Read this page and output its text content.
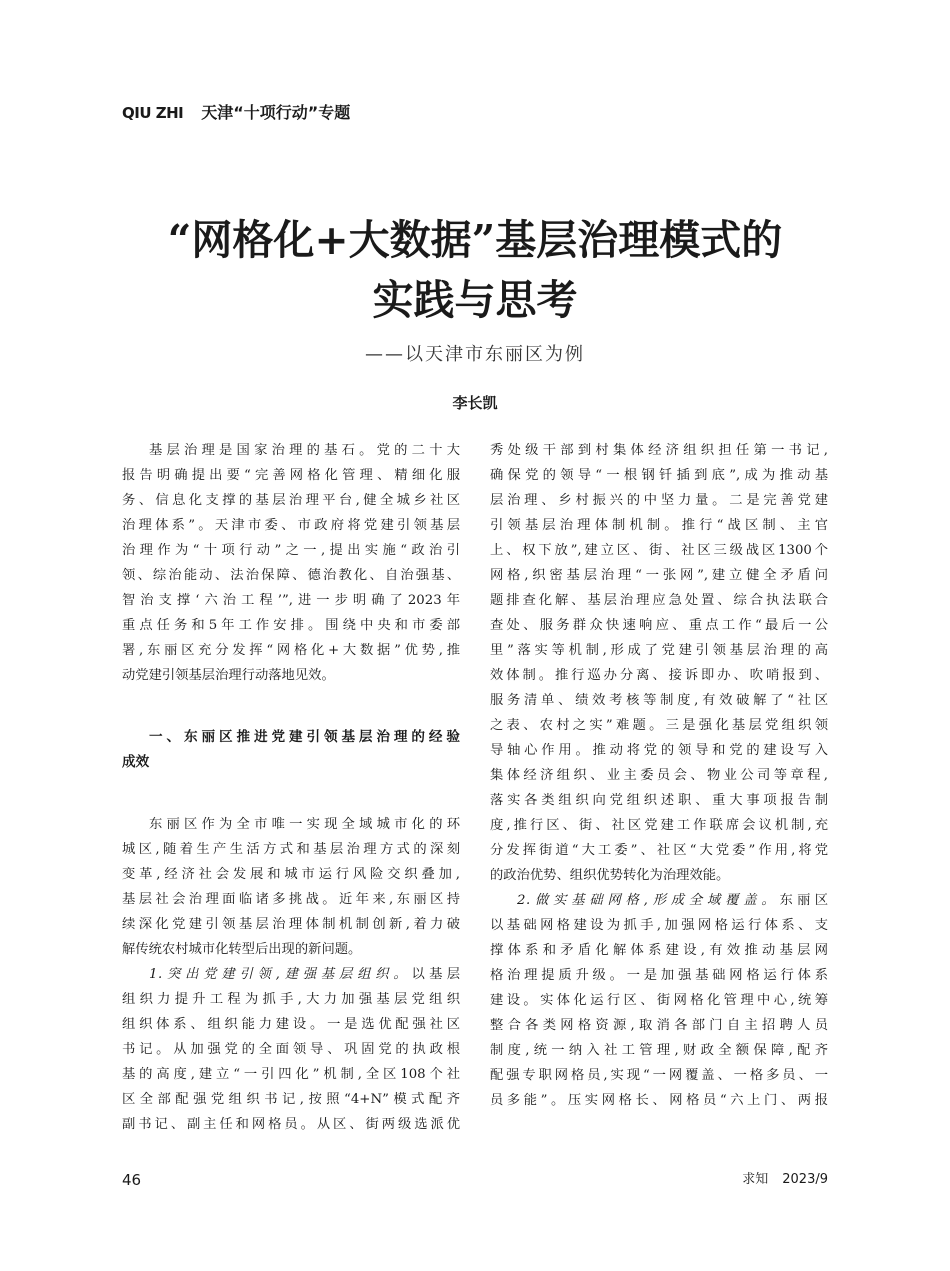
QIU ZHI 天津“十项行动”专题
“网格化+大数据”基层治理模式的
实践与思考
——以天津市东丽区为例
李长凯
基层治理是国家治理的基石。党的二十大
报告明确提出要“完善网格化管理、精细化服
务、信息化支撑的基层治理平台,健全城乡社区
治理体系”。天津市委、市政府将党建引领基层
治理作为“十项行动”之一,提出实施“政治引
领、综治能动、法治保障、德治教化、自治强基、
智治支撑‘六治工程’”,进一步明确了2023年
重点任务和5年工作安排。围绕中央和市委部
署,东丽区充分发挥“网格化+大数据”优势,推
动党建引领基层治理行动落地见效。
一、东丽区推进党建引领基层治理的经验
成效
东丽区作为全市唯一实现全域城市化的环
城区,随着生产生活方式和基层治理方式的深刻
变革,经济社会发展和城市运行风险交织叠加,
基层社会治理面临诸多挑战。近年来,东丽区持
续深化党建引领基层治理体制机制创新,着力破
解传统农村城市化转型后出现的新问题。
1.突出党建引领,建强基层组织。以基层
组织力提升工程为抓手,大力加强基层党组织
组织体系、组织能力建设。一是选优配强社区
书记。从加强党的全面领导、巩固党的执政根
基的高度,建立“一引四化”机制,全区108个社
区全部配强党组织书记,按照“4+N”模式配齐
副书记、副主任和网格员。从区、街两级选派优
秀处级干部到村集体经济组织担任第一书记,
确保党的领导“一根钢钎插到底”,成为推动基
层治理、乡村振兴的中坚力量。二是完善党建
引领基层治理体制机制。推行“战区制、主官
上、权下放”,建立区、街、社区三级战区1300个
网格,织密基层治理“一张网”,建立健全矛盾问
题排查化解、基层治理应急处置、综合执法联合
查处、服务群众快速响应、重点工作“最后一公
里”落实等机制,形成了党建引领基层治理的高
效体制。推行巡办分离、接诉即办、吹哨报到、
服务清单、绩效考核等制度,有效破解了“社区
之表、农村之实”难题。三是强化基层党组织领
导轴心作用。推动将党的领导和党的建设写入
集体经济组织、业主委员会、物业公司等章程,
落实各类组织向党组织述职、重大事项报告制
度,推行区、街、社区党建工作联席会议机制,充
分发挥街道“大工委”、社区“大党委”作用,将党
的政治优势、组织优势转化为治理效能。
2.做实基础网格,形成全域覆盖。东丽区
以基础网格建设为抓手,加强网格运行体系、支
撑体系和矛盾化解体系建设,有效推动基层网
格治理提质升级。一是加强基础网格运行体系
建设。实体化运行区、街网格化管理中心,统筹
整合各类网格资源,取消各部门自主招聘人员
制度,统一纳入社工管理,财政全额保障,配齐
配强专职网格员,实现“一网覆盖、一格多员、一
员多能”。压实网格长、网格员“六上门、两报
46	求知 2023/9
